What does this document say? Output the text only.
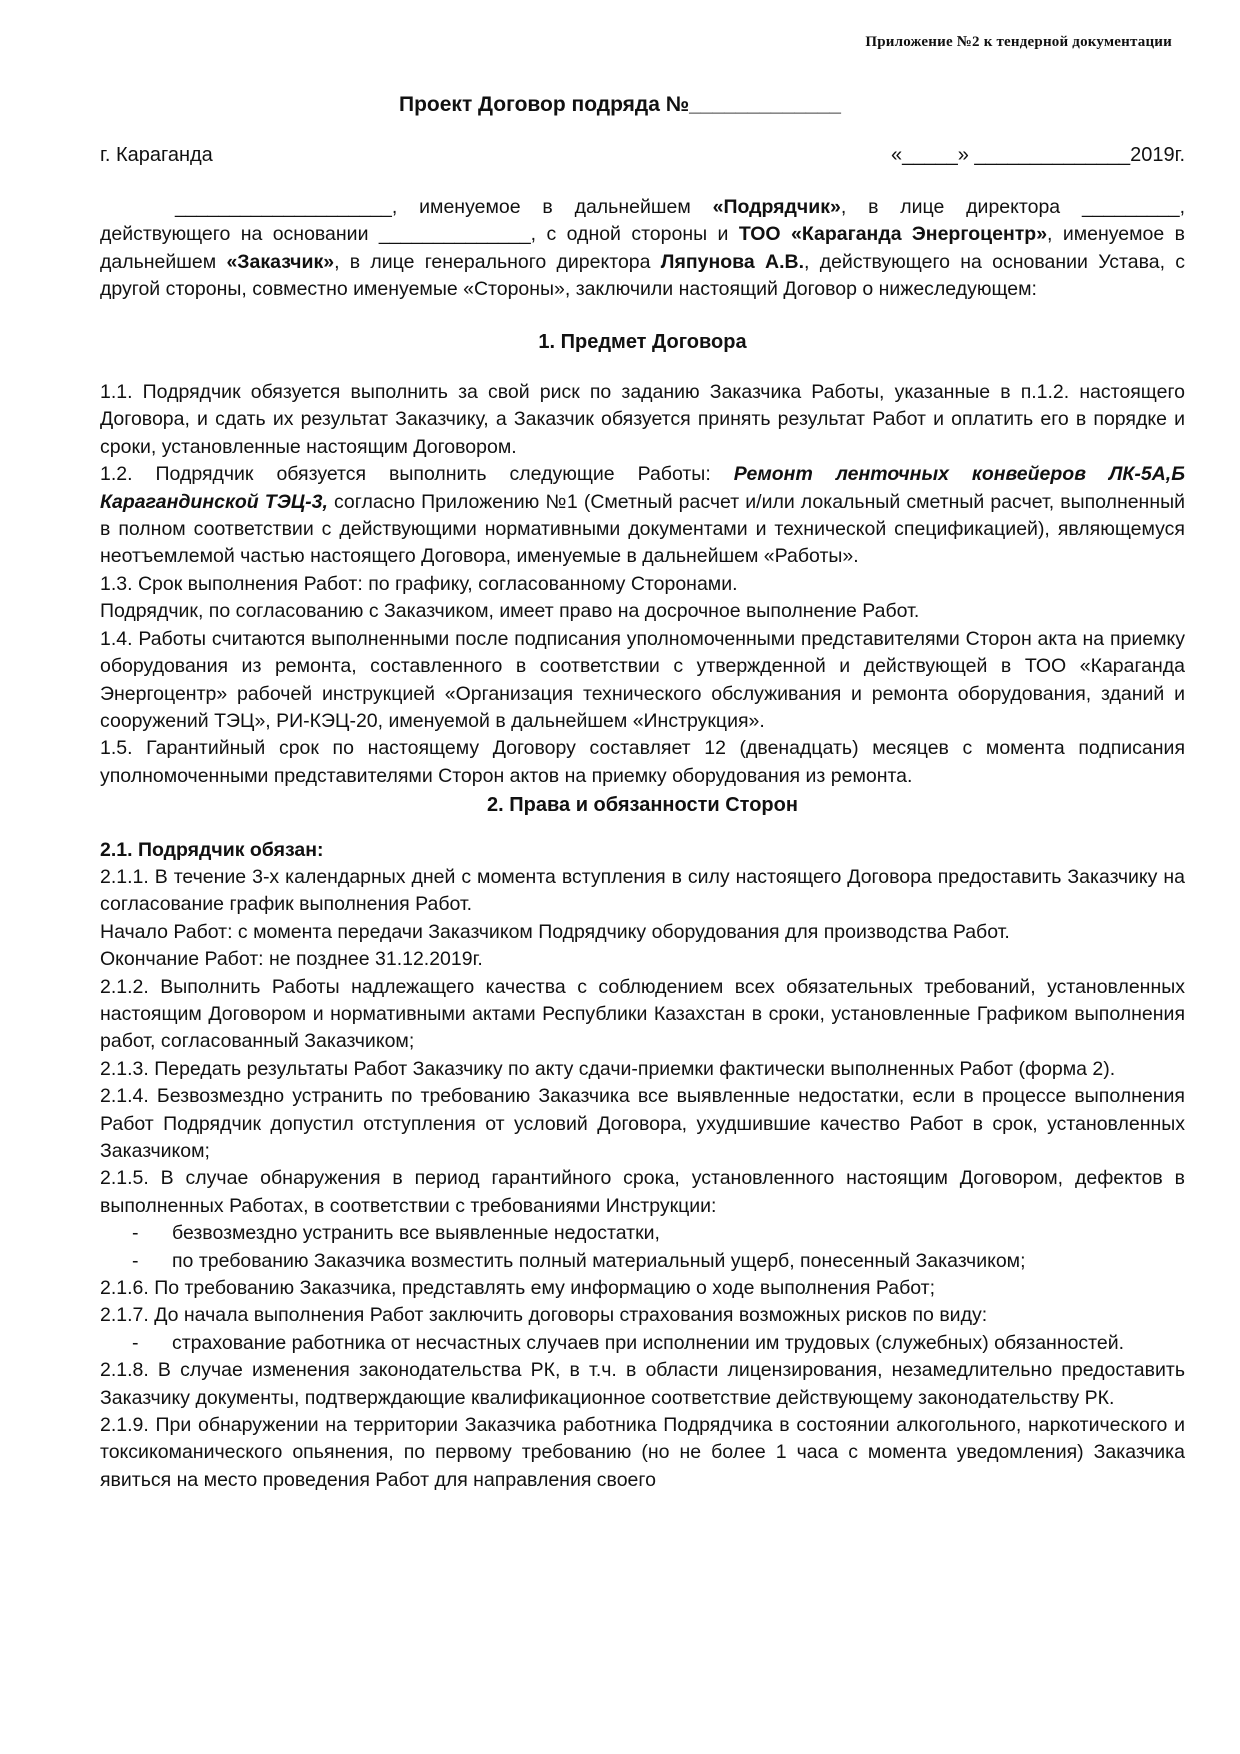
Приложение №2 к тендерной документации
Проект Договор подряда №_____________
г. Караганда	«_____» ______________2019г.

____________________, именуемое в дальнейшем «Подрядчик», в лице директора _________, действующего на основании ______________, с одной стороны и ТОО «Караганда Энергоцентр», именуемое в дальнейшем «Заказчик», в лице генерального директора Ляпунова А.В., действующего на основании Устава, с другой стороны, совместно именуемые «Стороны», заключили настоящий Договор о нижеследующем:

1. Предмет Договора

1.1. Подрядчик обязуется выполнить за свой риск по заданию Заказчика Работы, указанные в п.1.2. настоящего Договора, и сдать их результат Заказчику, а Заказчик обязуется принять результат Работ и оплатить его в порядке и сроки, установленные настоящим Договором.

1.2. Подрядчик обязуется выполнить следующие Работы: Ремонт ленточных конвейеров ЛК-5А,Б Карагандинской ТЭЦ-3, согласно Приложению №1 (Сметный расчет и/или локальный сметный расчет, выполненный в полном соответствии с действующими нормативными документами и технической спецификацией), являющемуся неотъемлемой частью настоящего Договора, именуемые в дальнейшем «Работы».

1.3. Срок выполнения Работ: по графику, согласованному Сторонами.

Подрядчик, по согласованию с Заказчиком, имеет право на досрочное выполнение Работ.

1.4. Работы считаются выполненными после подписания уполномоченными представителями Сторон акта на приемку оборудования из ремонта, составленного в соответствии с утвержденной и действующей в ТОО «Караганда Энергоцентр» рабочей инструкцией «Организация технического обслуживания и ремонта оборудования, зданий и сооружений ТЭЦ», РИ-КЭЦ-20, именуемой в дальнейшем «Инструкция».

1.5. Гарантийный срок по настоящему Договору составляет 12 (двенадцать) месяцев с момента подписания уполномоченными представителями Сторон актов на приемку оборудования из ремонта.

2. Права и обязанности Сторон

2.1. Подрядчик обязан:

2.1.1. В течение 3-х календарных дней с момента вступления в силу настоящего Договора предоставить Заказчику на согласование график выполнения Работ.

Начало Работ: с момента передачи Заказчиком Подрядчику оборудования для производства Работ.

Окончание Работ: не позднее 31.12.2019г.

2.1.2. Выполнить Работы надлежащего качества с соблюдением всех обязательных требований, установленных настоящим Договором и нормативными актами Республики Казахстан в сроки, установленные Графиком выполнения работ, согласованный Заказчиком;

2.1.3. Передать результаты Работ Заказчику по акту сдачи-приемки фактически выполненных Работ (форма 2).

2.1.4. Безвозмездно устранить по требованию Заказчика все выявленные недостатки, если в процессе выполнения Работ Подрядчик допустил отступления от условий Договора, ухудшившие качество Работ в срок, установленных Заказчиком;

2.1.5. В случае обнаружения в период гарантийного срока, установленного настоящим Договором, дефектов в выполненных Работах, в соответствии с требованиями Инструкции:

-	безвозмездно устранить все выявленные недостатки,
-	по требованию Заказчика возместить полный материальный ущерб, понесенный Заказчиком;

2.1.6. По требованию Заказчика, представлять ему информацию о ходе выполнения Работ;

2.1.7. До начала выполнения Работ заключить договоры страхования возможных рисков по виду:

-	страхование работника от несчастных случаев при исполнении им трудовых (служебных) обязанностей.

2.1.8. В случае изменения законодательства РК, в т.ч. в области лицензирования, незамедлительно предоставить Заказчику документы, подтверждающие квалификационное соответствие действующему законодательству РК.

2.1.9. При обнаружении на территории Заказчика работника Подрядчика в состоянии алкогольного, наркотического и токсикоманического опьянения, по первому требованию (но не более 1 часа с момента уведомления) Заказчика явиться на место проведения Работ для направления своего
